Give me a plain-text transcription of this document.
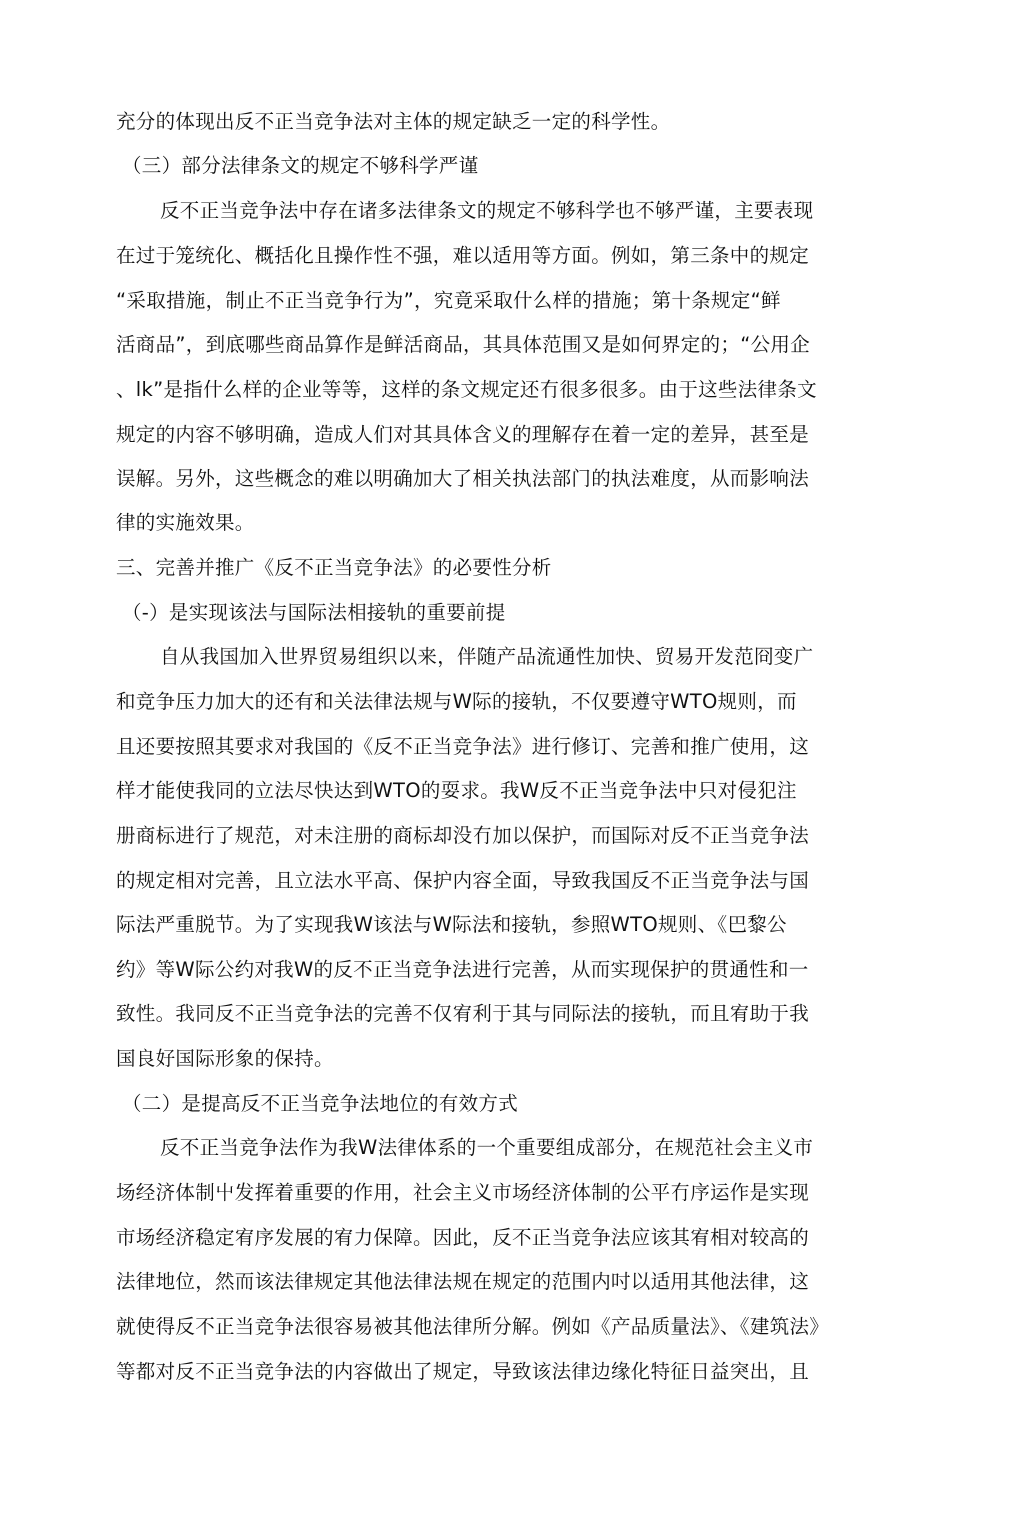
充分的体现出反不正当竞争法对主体的规定缺乏一定的科学性。
（三）部分法律条文的规定不够科学严谨
反不正当竞争法中存在诸多法律条文的规定不够科学也不够严谨，主要表现
在过于笼统化、概括化且操作性不强，难以适用等方面。例如，第三条中的规定
“采取措施，制止不正当竞争行为”，究竟采取什么样的措施；第十条规定“鲜
活商品”，到底哪些商品算作是鲜活商品，其具体范围又是如何界定的；“公用企
、lk”是指什么样的企业等等，这样的条文规定还冇很多很多。由于这些法律条文
规定的内容不够明确，造成人们对其具体含义的理解存在着一定的差异，甚至是
误解。另外，这些概念的难以明确加大了相关执法部门的执法难度，从而影响法
律的实施效果。
三、完善并推广《反不正当竞争法》的必要性分析
（-）是实现该法与国际法相接轨的重要前提
自从我国加入世界贸易组织以来，伴随产品流通性加快、贸易开发范冏变广
和竞争压力加大的还有和关法律法规与W际的接轨，不仅要遵守WTO规则，而
且还要按照其要求对我国的《反不正当竞争法》进行修订、完善和推广使用，这
样才能使我同的立法尽快达到WTO的耍求。我W反不正当竞争法中只对侵犯注
册商标进行了规范，对未注册的商标却没冇加以保护，而国际对反不正当竞争法
的规定相对完善，且立法水平高、保护内容全面，导致我国反不正当竞争法与国
际法严重脱节。为了实现我W该法与W际法和接轨，参照WTO规则、《巴黎公
约》等W际公约对我W的反不正当竞争法进行完善，从而实现保护的贯通性和一
致性。我同反不正当竞争法的完善不仅宥利于其与同际法的接轨，而且宥助于我
国良好国际形象的保持。
（二）是提高反不正当竞争法地位的有效方式
反不正当竞争法作为我W法律体系的一个重要组成部分，在规范社会主义市
场经济体制屮发挥着重要的作用，社会主义市场经济体制的公平冇序运作是实现
市场经济稳定宥序发展的宥力保障。因此，反不正当竞争法应该其宥相对较高的
法律地位，然而该法律规定其他法律法规在规定的范围内吋以适用其他法律，这
就使得反不正当竞争法很容易被其他法律所分解。例如《产品质量法》、《建筑法》
等都对反不正当竞争法的内容做出了规定，导致该法律边缘化特征日益突出，且
